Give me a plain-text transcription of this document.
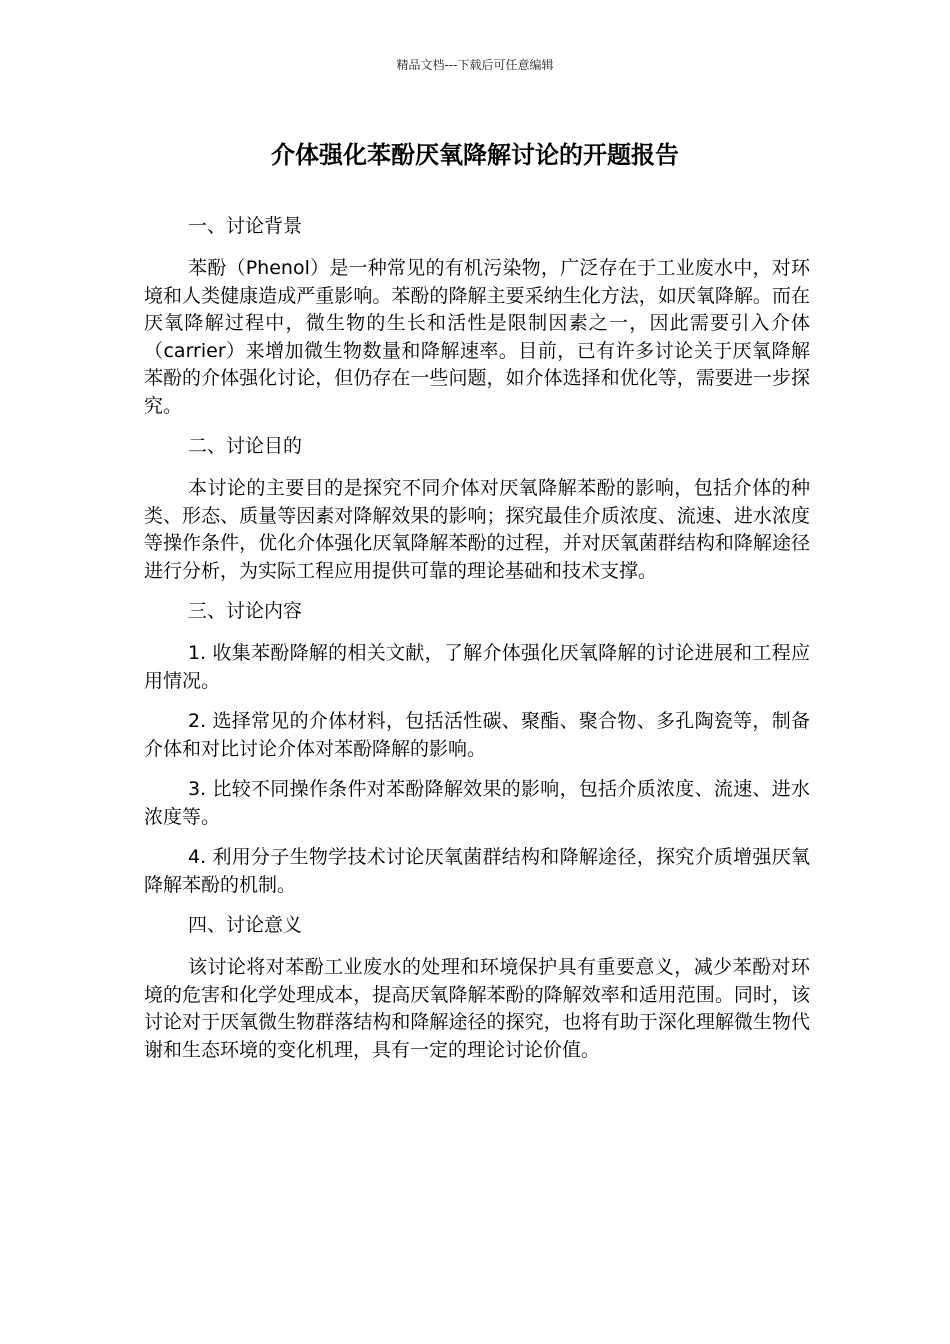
精品文档---下载后可任意编辑
介体强化苯酚厌氧降解讨论的开题报告

一、讨论背景

苯酚（Phenol）是一种常见的有机污染物，广泛存在于工业废水中，对环境和人类健康造成严重影响。苯酚的降解主要采纳生化方法，如厌氧降解。而在厌氧降解过程中，微生物的生长和活性是限制因素之一，因此需要引入介体（carrier）来增加微生物数量和降解速率。目前，已有许多讨论关于厌氧降解苯酚的介体强化讨论，但仍存在一些问题，如介体选择和优化等，需要进一步探究。

二、讨论目的

本讨论的主要目的是探究不同介体对厌氧降解苯酚的影响，包括介体的种类、形态、质量等因素对降解效果的影响；探究最佳介质浓度、流速、进水浓度等操作条件，优化介体强化厌氧降解苯酚的过程，并对厌氧菌群结构和降解途径进行分析，为实际工程应用提供可靠的理论基础和技术支撑。

三、讨论内容

1. 收集苯酚降解的相关文献，了解介体强化厌氧降解的讨论进展和工程应用情况。

2. 选择常见的介体材料，包括活性碳、聚酯、聚合物、多孔陶瓷等，制备介体和对比讨论介体对苯酚降解的影响。

3. 比较不同操作条件对苯酚降解效果的影响，包括介质浓度、流速、进水浓度等。

4. 利用分子生物学技术讨论厌氧菌群结构和降解途径，探究介质增强厌氧降解苯酚的机制。

四、讨论意义

该讨论将对苯酚工业废水的处理和环境保护具有重要意义，减少苯酚对环境的危害和化学处理成本，提高厌氧降解苯酚的降解效率和适用范围。同时，该讨论对于厌氧微生物群落结构和降解途径的探究，也将有助于深化理解微生物代谢和生态环境的变化机理，具有一定的理论讨论价值。
